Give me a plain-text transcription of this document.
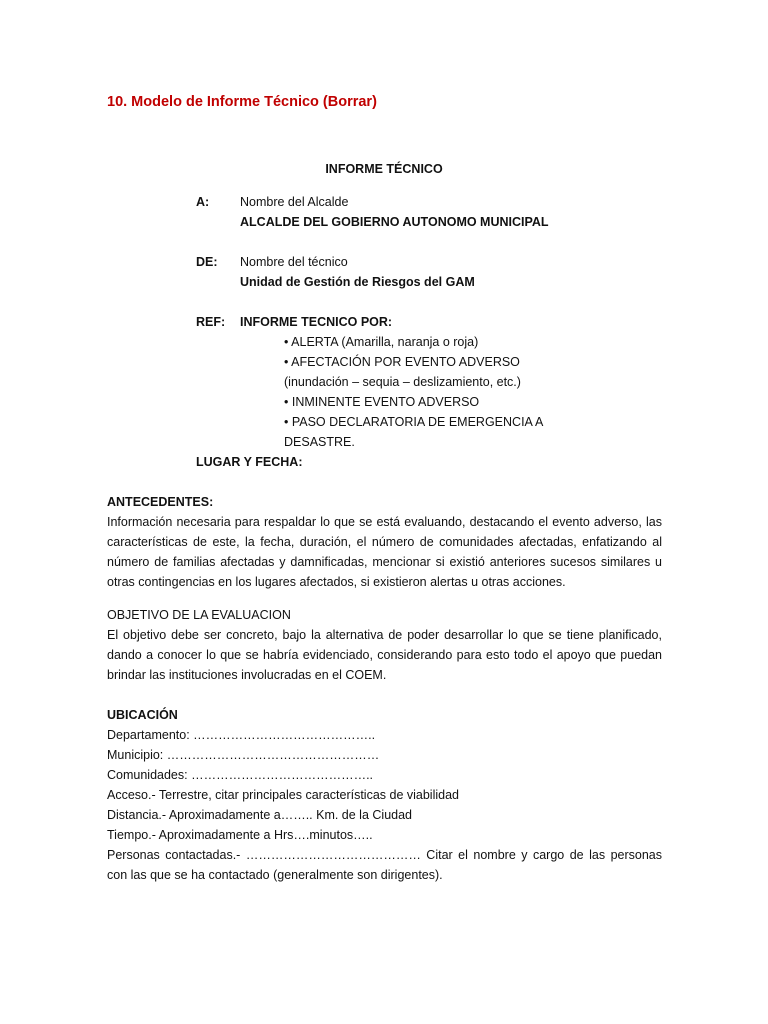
10. Modelo de Informe Técnico (Borrar)
INFORME TÉCNICO
A:	Nombre del Alcalde
ALCALDE DEL GOBIERNO AUTONOMO MUNICIPAL
DE:	Nombre del técnico
Unidad de Gestión de Riesgos del GAM
REF:	INFORME TECNICO POR:
• ALERTA (Amarilla, naranja o roja)
• AFECTACIÓN POR EVENTO ADVERSO
(inundación – sequia – deslizamiento, etc.)
• INMINENTE EVENTO ADVERSO
• PASO DECLARATORIA DE EMERGENCIA A
DESASTRE.
LUGAR Y FECHA:
ANTECEDENTES:
Información necesaria para respaldar lo que se está evaluando, destacando el evento adverso, las características de este, la fecha, duración, el número de comunidades afectadas, enfatizando al número de familias afectadas y damnificadas, mencionar si existió anteriores sucesos similares u otras contingencias en los lugares afectados, si existieron alertas u otras acciones.
OBJETIVO DE LA EVALUACION
El objetivo debe ser concreto, bajo la alternativa de poder desarrollar lo que se tiene planificado, dando a conocer lo que se habría evidenciado, considerando para esto todo el apoyo que puedan brindar las instituciones involucradas en el COEM.
UBICACIÓN
Departamento: ……………………………………..
Municipio: ……………………………………………
Comunidades: ……………………………………..
Acceso.- Terrestre, citar principales características de viabilidad
Distancia.- Aproximadamente a…….. Km. de la Ciudad
Tiempo.- Aproximadamente a Hrs….minutos…..
Personas contactadas.- …………………………………… Citar el nombre y cargo de las personas con las que se ha contactado (generalmente son dirigentes).
